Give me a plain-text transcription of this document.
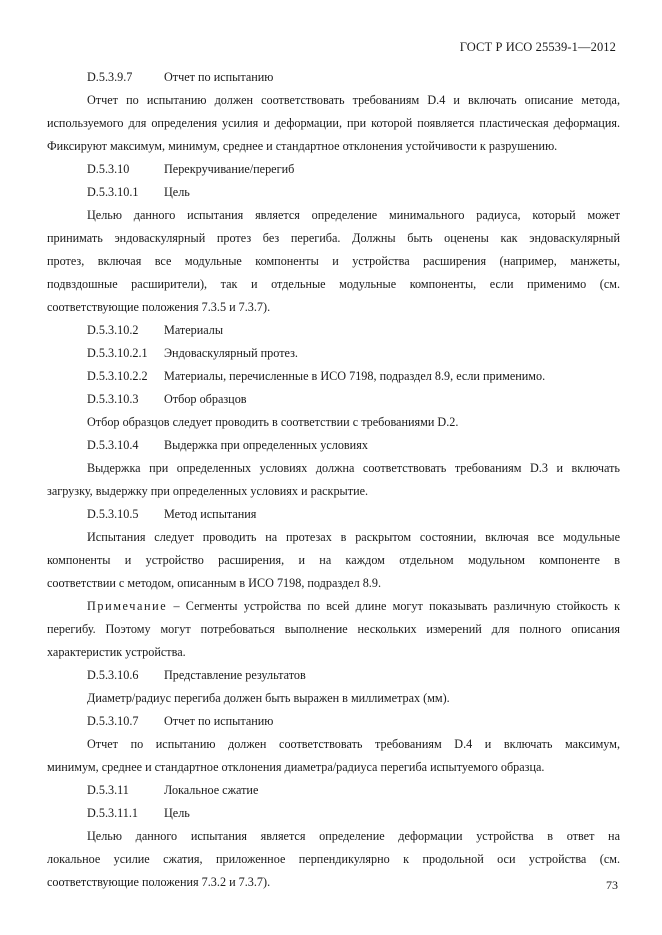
ГОСТ Р ИСО 25539-1—2012
D.5.3.9.7	Отчет по испытанию
Отчет по испытанию должен соответствовать требованиям D.4 и включать описание метода,
используемого для определения усилия и деформации, при которой появляется пластическая деформация.
Фиксируют максимум, минимум, среднее и стандартное отклонения устойчивости к разрушению.
D.5.3.10	Перекручивание/перегиб
D.5.3.10.1 Цель
Целью данного испытания является определение минимального радиуса, который может
принимать эндоваскулярный протез без перегиба. Должны быть оценены как эндоваскулярный
протез, включая все модульные компоненты и устройства расширения (например, манжеты,
подвздошные расширители), так и отдельные модульные компоненты, если применимо (см.
соответствующие положения 7.3.5 и 7.3.7).
D.5.3.10.2 Материалы
D.5.3.10.2.1 Эндоваскулярный протез.
D.5.3.10.2.2 Материалы, перечисленные в ИСО 7198, подраздел 8.9, если применимо.
D.5.3.10.3 Отбор образцов
Отбор образцов следует проводить в соответствии с требованиями D.2.
D.5.3.10.4 Выдержка при определенных условиях
Выдержка при определенных условиях должна соответствовать требованиям D.3 и включать
загрузку, выдержку при определенных условиях и раскрытие.
D.5.3.10.5 Метод испытания
Испытания следует проводить на протезах в раскрытом состоянии, включая все модульные
компоненты и устройство расширения, и на каждом отдельном модульном компоненте в
соответствии с методом, описанным в ИСО 7198, подраздел 8.9.
Примечание – Сегменты устройства по всей длине могут показывать различную стойкость к
перегибу. Поэтому могут потребоваться выполнение нескольких измерений для полного описания
характеристик устройства.
D.5.3.10.6 Представление результатов
Диаметр/радиус перегиба должен быть выражен в миллиметрах (мм).
D.5.3.10.7 Отчет по испытанию
Отчет по испытанию должен соответствовать требованиям D.4 и включать максимум,
минимум, среднее и стандартное отклонения диаметра/радиуса перегиба испытуемого образца.
D.5.3.11	Локальное сжатие
D.5.3.11.1 Цель
Целью данного испытания является определение деформации устройства в ответ на
локальное усилие сжатия, приложенное перпендикулярно к продольной оси устройства (см.
соответствующие положения 7.3.2 и 7.3.7).	73
